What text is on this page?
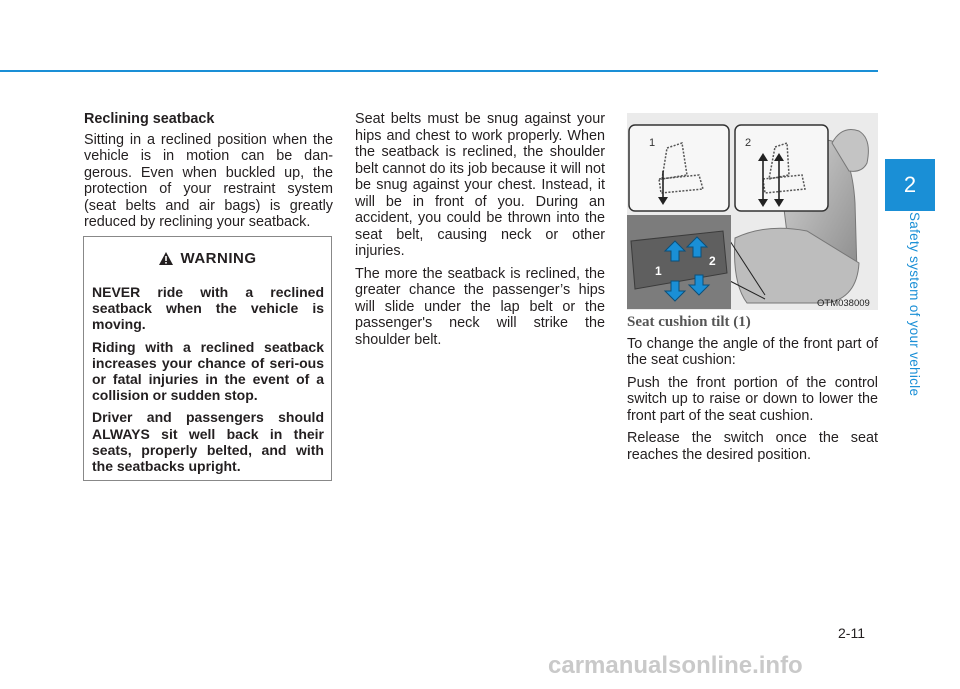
2
Safety system of your vehicle
Reclining seatback

Sitting in a reclined position when the vehicle is in motion can be dan-gerous. Even when buckled up, the protection of your restraint system (seat belts and air bags) is greatly reduced by reclining your seatback.

WARNING

NEVER ride with a reclined seatback when the vehicle is moving.

Riding with a reclined seatback increases your chance of seri-ous or fatal injuries in the event of a collision or sudden stop.

Driver and passengers should ALWAYS sit well back in their seats, properly belted, and with the seatbacks upright.

Seat belts must be snug against your hips and chest to work properly. When the seatback is reclined, the shoulder belt cannot do its job because it will not be snug against your chest. Instead, it will be in front of you. During an accident, you could be thrown into the seat belt, causing neck or other injuries.

The more the seatback is reclined, the greater chance the passenger’s hips will slide under the lap belt or the passenger's neck will strike the shoulder belt.

1	2
1
2
OTM038009
Seat cushion tilt (1)

To change the angle of the front part of the seat cushion:

Push the front portion of the control switch up to raise or down to lower the front part of the seat cushion.

Release the switch once the seat reaches the desired position.

2-11
carmanualsonline.info
